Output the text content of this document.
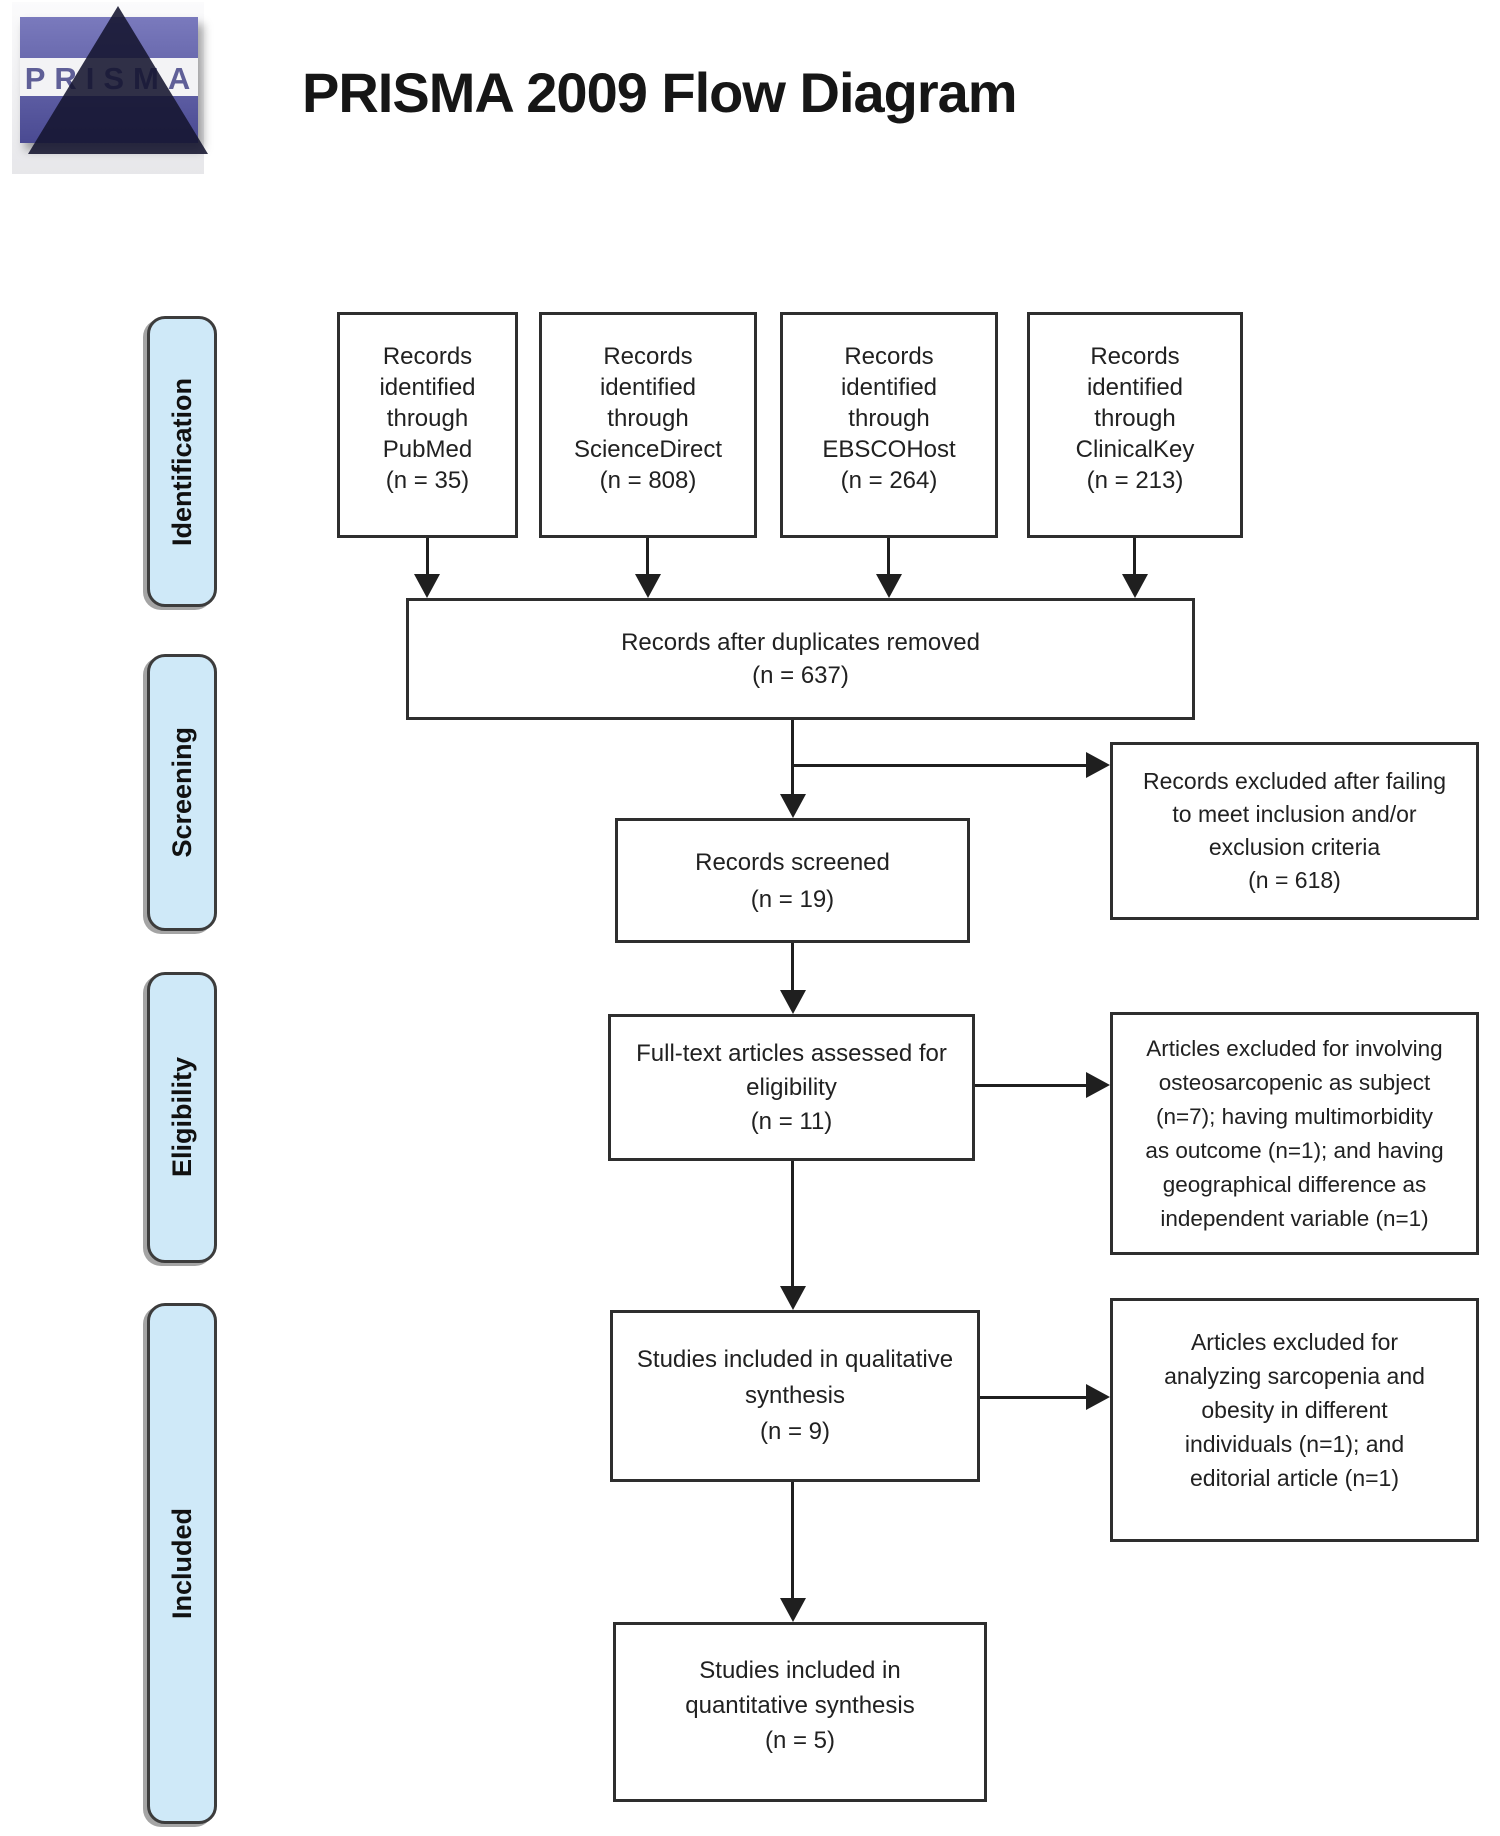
PRISMA PRISMA 2009 Flow Diagram
Identification
Screening
Eligibility
Included
Records
identified
through
PubMed
(n = 35)
Records
identified
through
ScienceDirect
(n = 808)
Records
identified
through
EBSCOHost
(n = 264)
Records
identified
through
ClinicalKey
(n = 213)
Records after duplicates removed
(n = 637)
Records screened
(n = 19)
Records excluded after failing
to meet inclusion and/or
exclusion criteria
(n = 618)
Full-text articles assessed for
eligibility
(n = 11)
Articles excluded for involving
osteosarcopenic as subject
(n=7); having multimorbidity
as outcome (n=1); and having
geographical difference as
independent variable (n=1)
Studies included in qualitative
synthesis
(n = 9)
Articles excluded for
analyzing sarcopenia and
obesity in different
individuals (n=1); and
editorial article (n=1)
Studies included in
quantitative synthesis
(n = 5)
